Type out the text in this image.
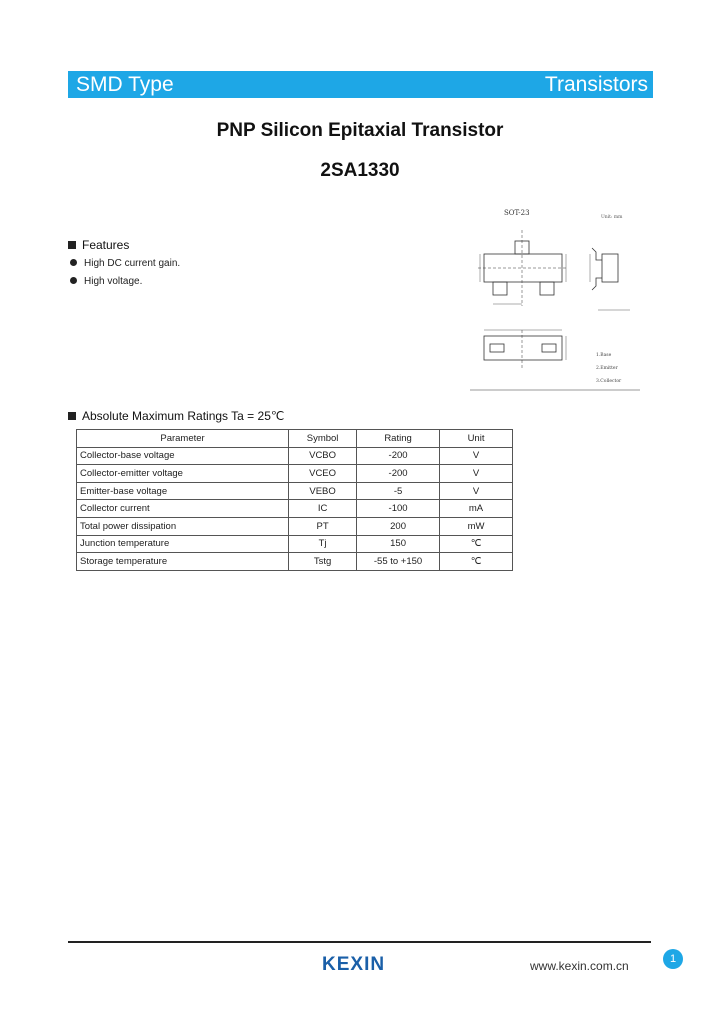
SMD Type	Transistors
PNP Silicon Epitaxial Transistor
2SA1330
Features
High DC current gain.
High voltage.
SOT-23
Unit: mm
1.Base
2.Emitter
3.Collector
Absolute Maximum Ratings Ta = 25℃
Parameter	Symbol	Rating	Unit
Collector-base voltage	VCBO	-200	V
Collector-emitter voltage	VCEO	-200	V
Emitter-base voltage	VEBO	-5	V
Collector current	IC	-100	mA
Total power dissipation	PT	200	mW
Junction temperature	Tj	150	℃
Storage temperature	Tstg	-55 to +150	℃
KEXIN	www.kexin.com.cn	1
